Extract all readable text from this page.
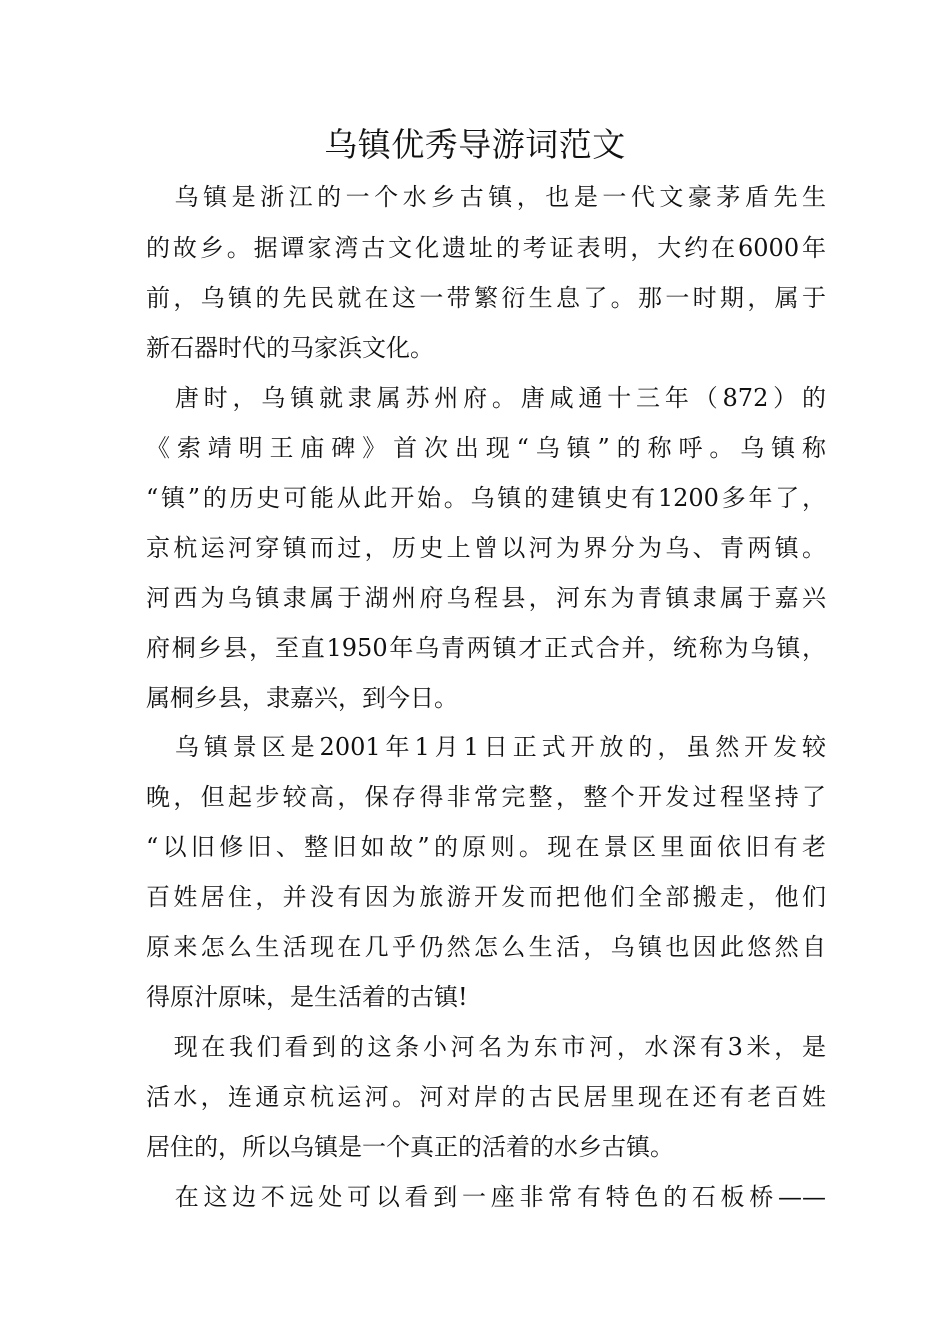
乌镇优秀导游词范文
　乌镇是浙江的一个水乡古镇，也是一代文豪茅盾先生
的故乡。据谭家湾古文化遗址的考证表明，大约在6000年
前，乌镇的先民就在这一带繁衍生息了。那一时期，属于
新石器时代的马家浜文化。
　唐时，乌镇就隶属苏州府。唐咸通十三年（872）的
《索靖明王庙碑》首次出现“乌镇”的称呼。乌镇称
“镇”的历史可能从此开始。乌镇的建镇史有1200多年了，
京杭运河穿镇而过，历史上曾以河为界分为乌、青两镇。
河西为乌镇隶属于湖州府乌程县，河东为青镇隶属于嘉兴
府桐乡县，至直1950年乌青两镇才正式合并，统称为乌镇，
属桐乡县，隶嘉兴，到今日。
　乌镇景区是2001年1月1日正式开放的，虽然开发较
晚，但起步较高，保存得非常完整，整个开发过程坚持了
“以旧修旧、整旧如故”的原则。现在景区里面依旧有老
百姓居住，并没有因为旅游开发而把他们全部搬走，他们
原来怎么生活现在几乎仍然怎么生活，乌镇也因此悠然自
得原汁原味，是生活着的古镇!
　现在我们看到的这条小河名为东市河，水深有3米，是
活水，连通京杭运河。河对岸的古民居里现在还有老百姓
居住的，所以乌镇是一个真正的活着的水乡古镇。
　在这边不远处可以看到一座非常有特色的石板桥——
